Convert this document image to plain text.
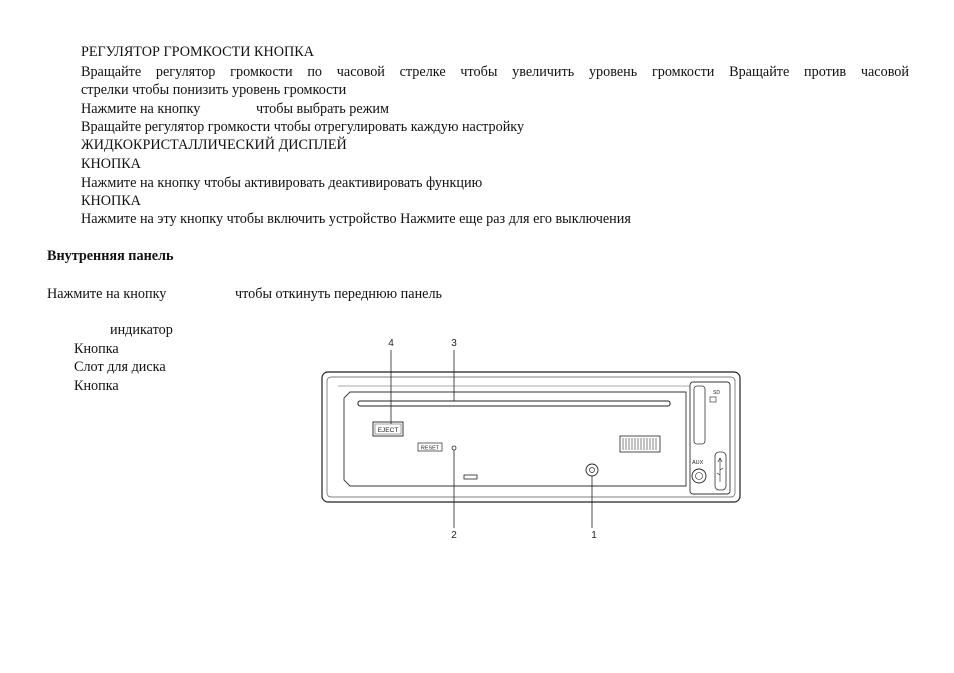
РЕГУЛЯТОР ГРОМКОСТИ КНОПКА
Вращайте регулятор громкости по часовой стрелке чтобы увеличить уровень громкости Вращайте против часовой
стрелки чтобы понизить уровень громкости
Нажмите на кнопку	чтобы выбрать режим
Вращайте регулятор громкости чтобы отрегулировать каждую настройку
ЖИДКОКРИСТАЛЛИЧЕСКИЙ ДИСПЛЕЙ
КНОПКА
Нажмите на кнопку чтобы активировать деактивировать функцию
КНОПКА
Нажмите на эту кнопку чтобы включить устройство Нажмите еще раз для его выключения
Внутренняя панель
Нажмите на кнопку	чтобы откинуть переднюю панель
индикатор
Кнопка
Слот для диска
Кнопка
4	3
2	1
SD
AUX
EJECT
RESET
